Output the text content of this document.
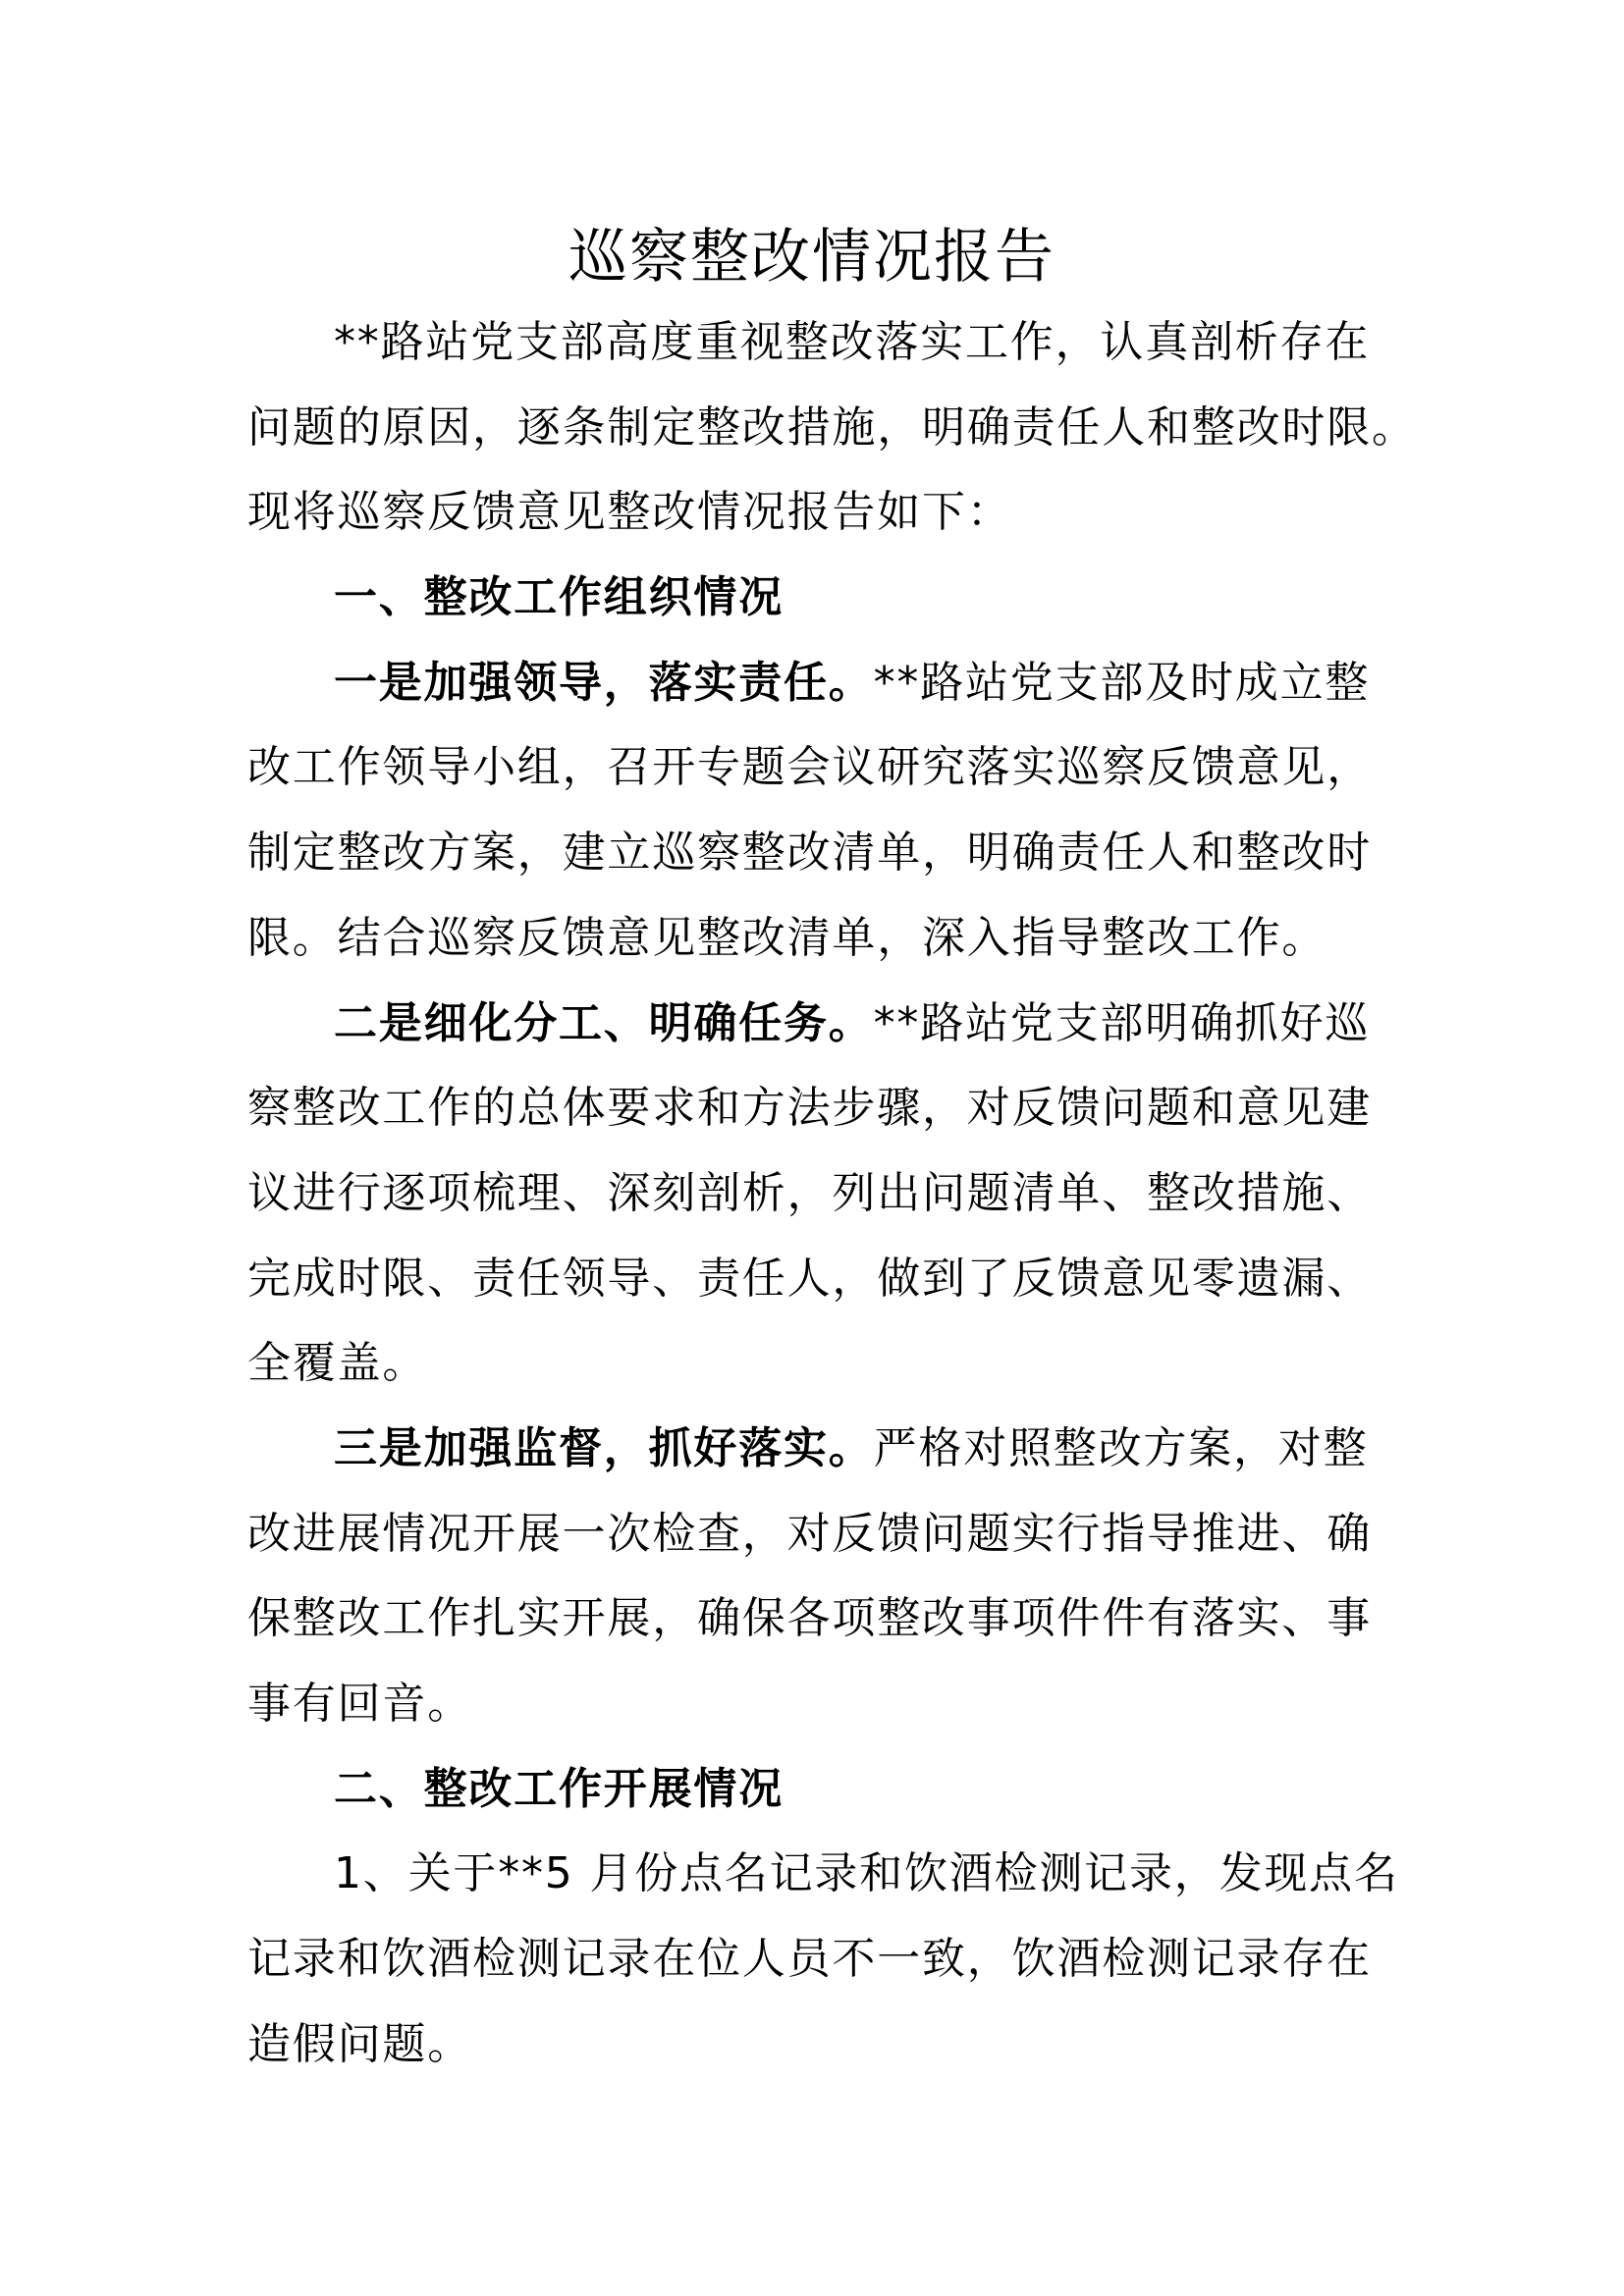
巡察整改情况报告
**路站党支部高度重视整改落实工作，认真剖析存在
问题的原因，逐条制定整改措施，明确责任人和整改时限。
现将巡察反馈意见整改情况报告如下：
一、整改工作组织情况
一是加强领导，落实责任。**路站党支部及时成立整
改工作领导小组，召开专题会议研究落实巡察反馈意见，
制定整改方案，建立巡察整改清单，明确责任人和整改时
限。结合巡察反馈意见整改清单，深入指导整改工作。
二是细化分工、明确任务。**路站党支部明确抓好巡
察整改工作的总体要求和方法步骤，对反馈问题和意见建
议进行逐项梳理、深刻剖析，列出问题清单、整改措施、
完成时限、责任领导、责任人，做到了反馈意见零遗漏、
全覆盖。
三是加强监督，抓好落实。严格对照整改方案，对整
改进展情况开展一次检查，对反馈问题实行指导推进、确
保整改工作扎实开展，确保各项整改事项件件有落实、事
事有回音。
二、整改工作开展情况
1、关于**5 月份点名记录和饮酒检测记录，发现点名
记录和饮酒检测记录在位人员不一致，饮酒检测记录存在
造假问题。
